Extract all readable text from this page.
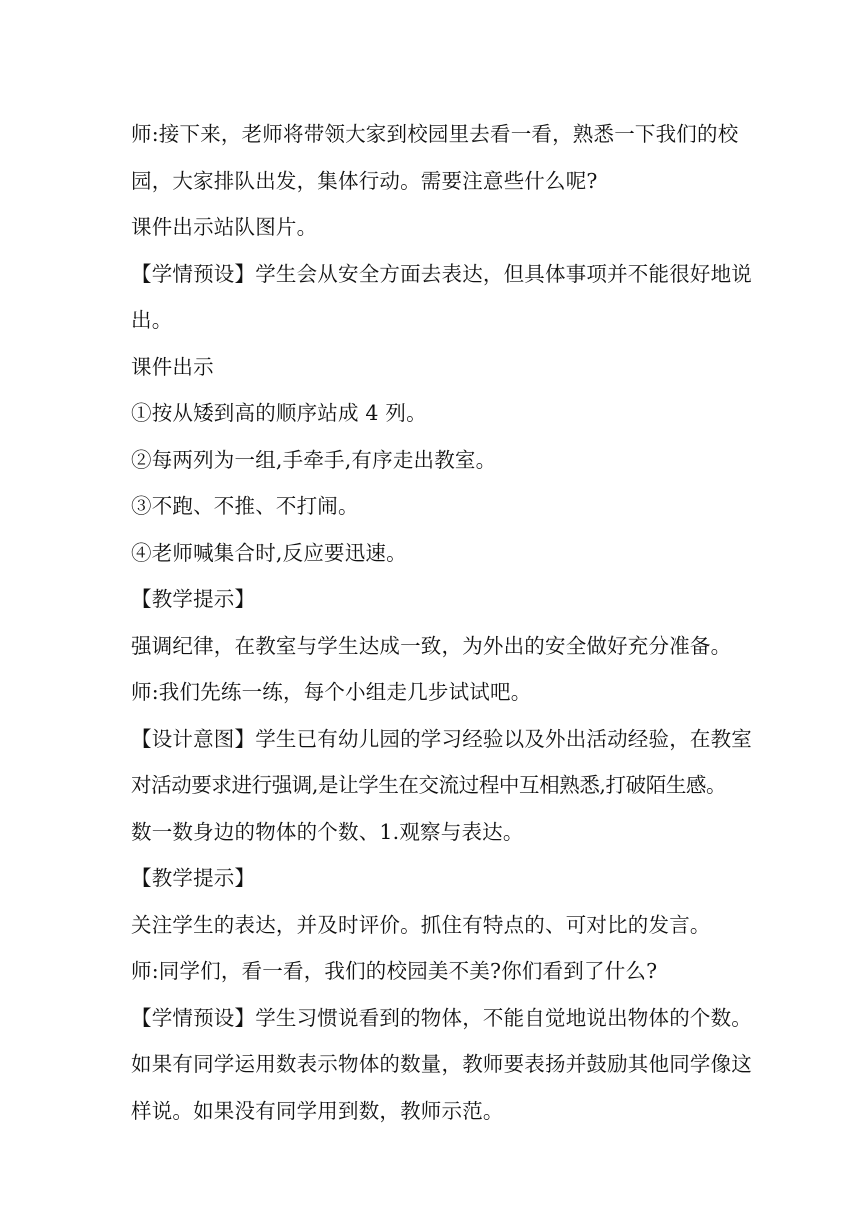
师:接下来，老师将带领大家到校园里去看一看，熟悉一下我们的校
园，大家排队出发，集体行动。需要注意些什么呢?
课件出示站队图片。
【学情预设】学生会从安全方面去表达，但具体事项并不能很好地说
出。
课件出示
①按从矮到高的顺序站成 4 列。
②每两列为一组,手牵手,有序走出教室。
③不跑、不推、不打闹。
④老师喊集合时,反应要迅速。
【教学提示】
强调纪律，在教室与学生达成一致，为外出的安全做好充分准备。
师:我们先练一练，每个小组走几步试试吧。
【设计意图】学生已有幼儿园的学习经验以及外出活动经验，在教室
对活动要求进行强调,是让学生在交流过程中互相熟悉,打破陌生感。
数一数身边的物体的个数、1.观察与表达。
【教学提示】
关注学生的表达，并及时评价。抓住有特点的、可对比的发言。
师:同学们，看一看，我们的校园美不美?你们看到了什么?
【学情预设】学生习惯说看到的物体，不能自觉地说出物体的个数。
如果有同学运用数表示物体的数量，教师要表扬并鼓励其他同学像这
样说。如果没有同学用到数，教师示范。
